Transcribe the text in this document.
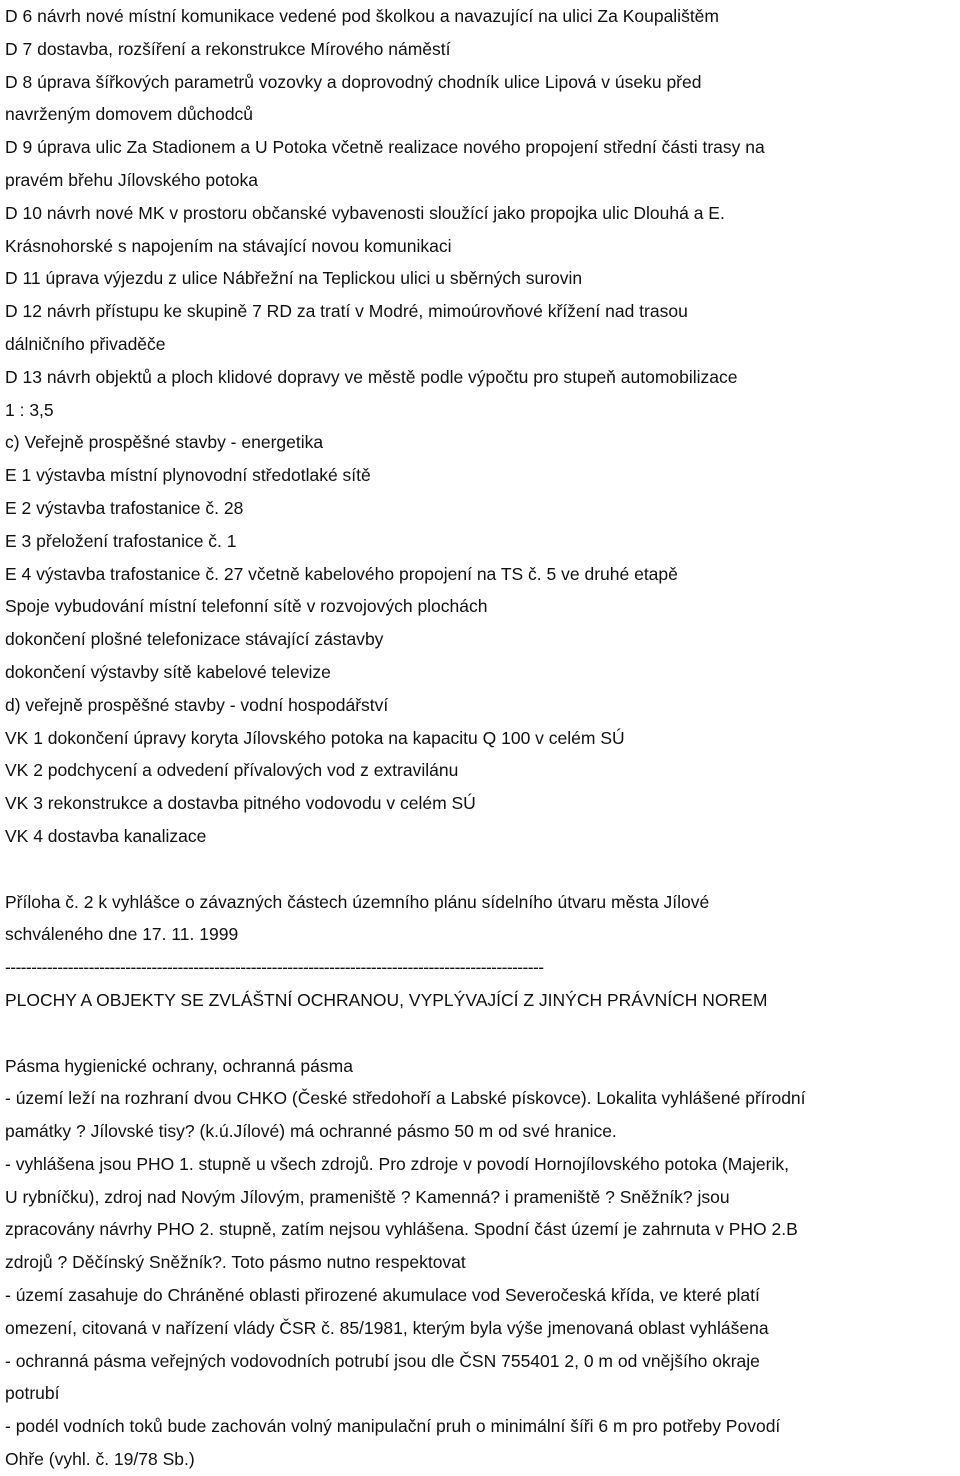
D 6 návrh nové místní komunikace vedené pod školkou a navazující na ulici Za Koupalištěm
D 7 dostavba, rozšíření a rekonstrukce Mírového náměstí
D 8 úprava šířkových parametrů vozovky a doprovodný chodník ulice Lipová v úseku před
navrženým domovem důchodců
D 9 úprava ulic Za Stadionem a U Potoka včetně realizace nového propojení střední části trasy na
pravém břehu Jílovského potoka
D 10 návrh nové MK v prostoru občanské vybavenosti sloužící jako propojka ulic Dlouhá a E.
Krásnohorské s napojením na stávající novou komunikaci
D 11 úprava výjezdu z ulice Nábřežní na Teplickou ulici u sběrných surovin
D 12 návrh přístupu ke skupině 7 RD za tratí v Modré, mimoúrovňové křížení nad trasou
dálničního přivaděče
D 13 návrh objektů a ploch klidové dopravy ve městě podle výpočtu pro stupeň automobilizace
1 : 3,5
c) Veřejně prospěšné stavby - energetika
E 1 výstavba místní plynovodní středotlaké sítě
E 2 výstavba trafostanice č. 28
E 3 přeložení trafostanice č. 1
E 4 výstavba trafostanice č. 27 včetně kabelového propojení na TS č. 5 ve druhé etapě
Spoje vybudování místní telefonní sítě v rozvojových plochách
dokončení plošné telefonizace stávající zástavby
dokončení výstavby sítě kabelové televize
d) veřejně prospěšné stavby - vodní hospodářství
VK 1 dokončení úpravy koryta Jílovského potoka na kapacitu Q 100 v celém SÚ
VK 2 podchycení a odvedení přívalových vod z extravilánu
VK 3 rekonstrukce a dostavba pitného vodovodu v celém SÚ
VK 4 dostavba kanalizace
Příloha č. 2 k vyhlášce o závazných částech územního plánu sídelního útvaru města Jílové
schváleného dne 17. 11. 1999
-------------------------------------------------------------------------------------------------------
PLOCHY A OBJEKTY SE ZVLÁŠTNÍ OCHRANOU, VYPLÝVAJÍCÍ Z JINÝCH PRÁVNÍCH NOREM
Pásma hygienické ochrany, ochranná pásma
- území leží na rozhraní dvou CHKO (České středohoří a Labské pískovce). Lokalita vyhlášené přírodní
památky ? Jílovské tisy? (k.ú.Jílové) má ochranné pásmo 50 m od své hranice.
- vyhlášena jsou PHO 1. stupně u všech zdrojů. Pro zdroje v povodí Hornojílovského potoka (Majerik,
U rybníčku), zdroj nad Novým Jílovým, prameniště ? Kamenná? i prameniště ? Sněžník? jsou
zpracovány návrhy PHO 2. stupně, zatím nejsou vyhlášena. Spodní část území je zahrnuta v PHO 2.B
zdrojů ? Děčínský Sněžník?. Toto pásmo nutno respektovat
- území zasahuje do Chráněné oblasti přirozené akumulace vod Severočeská křída, ve které platí
omezení, citovaná v nařízení vlády ČSR č. 85/1981, kterým byla výše jmenovaná oblast vyhlášena
- ochranná pásma veřejných vodovodních potrubí jsou dle ČSN 755401 2, 0 m od vnějšího okraje
potrubí
- podél vodních toků bude zachován volný manipulační pruh o minimální šíři 6 m pro potřeby Povodí
Ohře (vyhl. č. 19/78 Sb.)
